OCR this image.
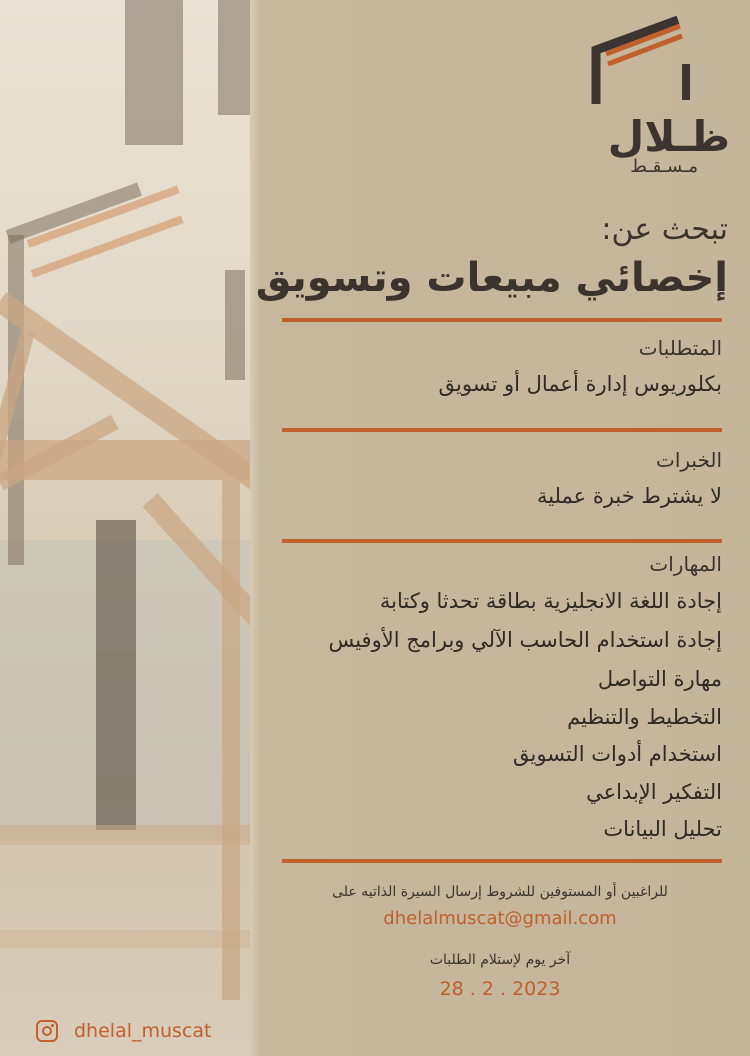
ظـلال
مـسـقـط
تبحث عن:
إخصائي مبيعات وتسويق
المتطلبات
بكلوريوس إدارة أعمال أو تسويق
الخبرات
لا يشترط خبرة عملية
المهارات
إجادة اللغة الانجليزية بطاقة تحدثا وكتابة
إجادة استخدام الحاسب الآلي وبرامج الأوفيس
مهارة التواصل
التخطيط والتنظيم
استخدام أدوات التسويق
التفكير الإبداعي
تحليل البيانات
للراغبين أو المستوفين للشروط إرسال السيرة الذاتيه على
dhelalmuscat@gmail.com
آخر يوم لإستلام الطلبات
28 . 2 . 2023
dhelal_muscat
